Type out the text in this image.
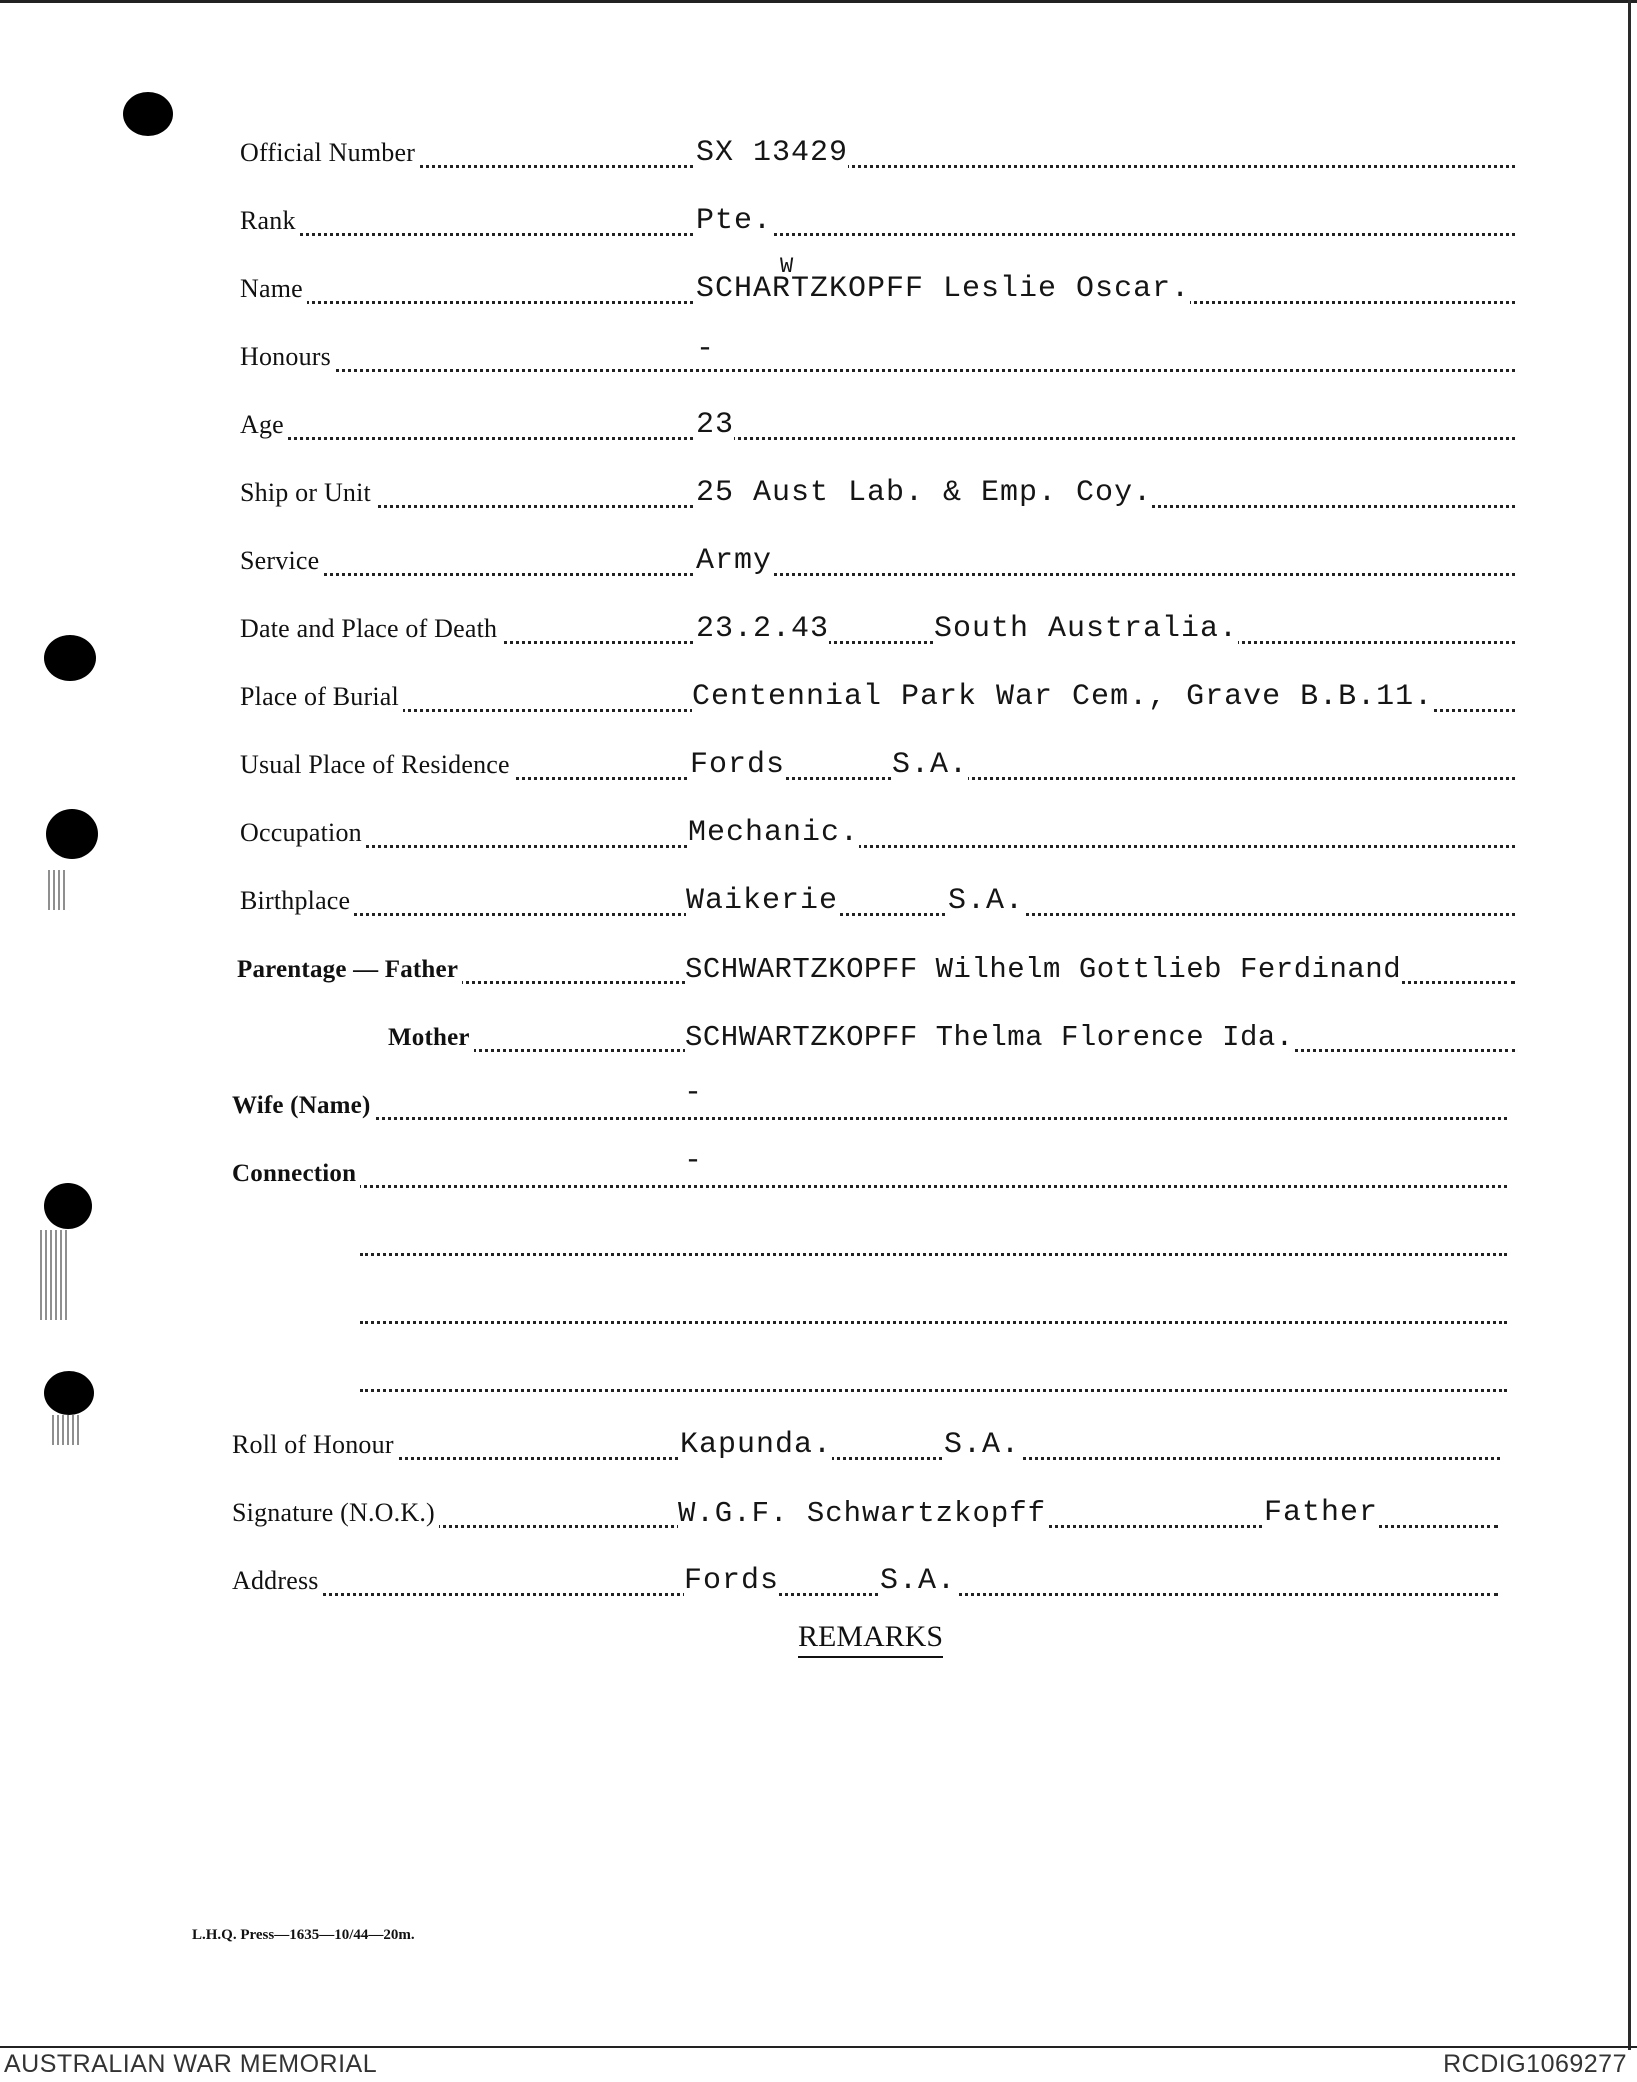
Official Number	SX 13429
Rank	Pte.
Name	SCHARTZKOPFF Leslie Oscar.
W
Honours	-
Age	23
Ship or Unit	25 Aust Lab. & Emp. Coy.
Service	Army
Date and Place of Death	23.2.43	South Australia.
Place of Burial	Centennial Park War Cem., Grave B.B.11.
Usual Place of Residence	Fords	S.A.
Occupation	Mechanic.
Birthplace	Waikerie	S.A.
Parentage — Father	SCHWARTZKOPFF Wilhelm Gottlieb Ferdinand
Mother	SCHWARTZKOPFF Thelma Florence Ida.
Wife (Name)	-
Connection	-
Roll of Honour	Kapunda.	S.A.
Signature (N.O.K.)	W.G.F. Schwartzkopff	Father
Address	Fords	S.A.
REMARKS
L.H.Q. Press—1635—10/44—20m.
AUSTRALIAN WAR MEMORIAL	RCDIG1069277
